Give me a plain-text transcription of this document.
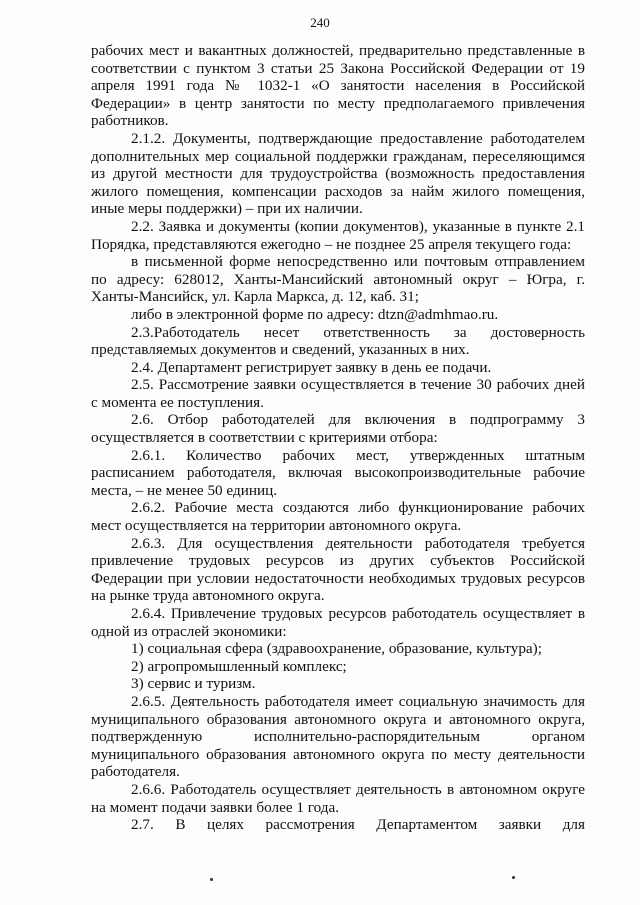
240

рабочих мест и вакантных должностей, предварительно представленные в соответствии с пунктом 3 статьи 25 Закона Российской Федерации от 19 апреля 1991 года № 1032-1 «О занятости населения в Российской Федерации» в центр занятости по месту предполагаемого привлечения работников.

2.1.2. Документы, подтверждающие предоставление работодателем дополнительных мер социальной поддержки гражданам, переселяющимся из другой местности для трудоустройства (возможность предоставления жилого помещения, компенсации расходов за найм жилого помещения, иные меры поддержки) – при их наличии.

2.2. Заявка и документы (копии документов), указанные в пункте 2.1 Порядка, представляются ежегодно – не позднее 25 апреля текущего года:

в письменной форме непосредственно или почтовым отправлением по адресу: 628012, Ханты-Мансийский автономный округ – Югра, г. Ханты-Мансийск, ул. Карла Маркса, д. 12, каб. 31;

либо в электронной форме по адресу: dtzn@admhmao.ru.

2.3.Работодатель несет ответственность за достоверность представляемых документов и сведений, указанных в них.

2.4. Департамент регистрирует заявку в день ее подачи.

2.5. Рассмотрение заявки осуществляется в течение 30 рабочих дней с момента ее поступления.

2.6. Отбор работодателей для включения в подпрограмму 3 осуществляется в соответствии с критериями отбора:

2.6.1. Количество рабочих мест, утвержденных штатным расписанием работодателя, включая высокопроизводительные рабочие места, – не менее 50 единиц.

2.6.2. Рабочие места создаются либо функционирование рабочих мест осуществляется на территории автономного округа.

2.6.3. Для осуществления деятельности работодателя требуется привлечение трудовых ресурсов из других субъектов Российской Федерации при условии недостаточности необходимых трудовых ресурсов на рынке труда автономного округа.

2.6.4. Привлечение трудовых ресурсов работодатель осуществляет в одной из отраслей экономики:

1) социальная сфера (здравоохранение, образование, культура);

2) агропромышленный комплекс;

3) сервис и туризм.

2.6.5. Деятельность работодателя имеет социальную значимость для муниципального образования автономного округа и автономного округа, подтвержденную исполнительно-распорядительным органом муниципального образования автономного округа по месту деятельности работодателя.

2.6.6. Работодатель осуществляет деятельность в автономном округе на момент подачи заявки более 1 года.

2.7. В целях рассмотрения Департаментом заявки для
